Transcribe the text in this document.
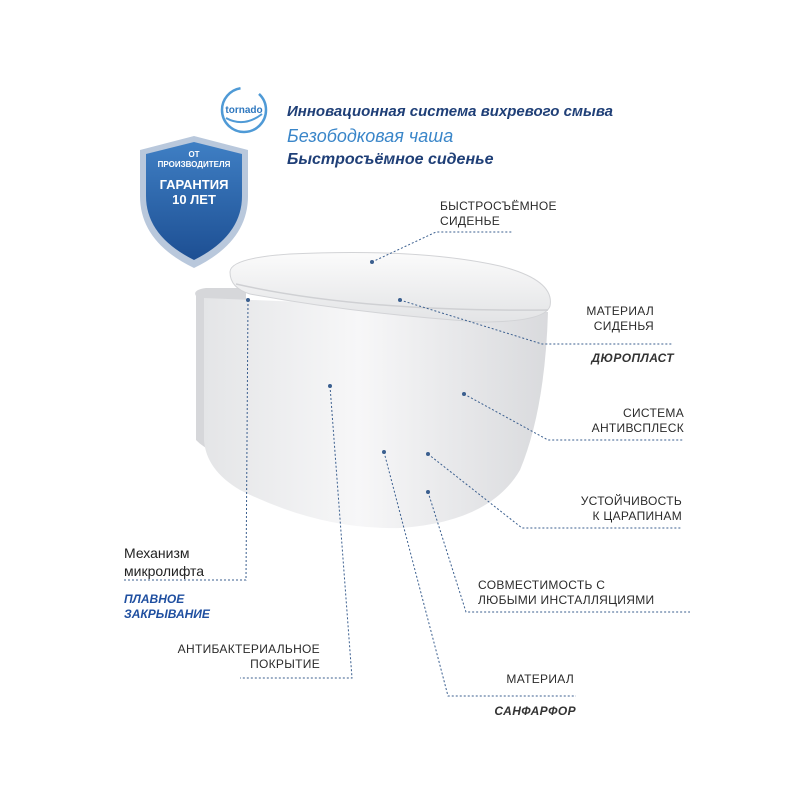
tornado Инновационная система вихревого смыва
Безободковая чаша
Быстросъёмное сиденье
ОТ
ПРОИЗВОДИТЕЛЯ
ГАРАНТИЯ
10 ЛЕТ	БЫСТРОСЪЁМНОЕ
СИДЕНЬЕ
МАТЕРИАЛ
СИДЕНЬЯ
ДЮРОПЛАСТ
СИСТЕМА
АНТИВСПЛЕСК
УСТОЙЧИВОСТЬ
К ЦАРАПИНАМ
СОВМЕСТИМОСТЬ С
ЛЮБЫМИ ИНСТАЛЛЯЦИЯМИ
МАТЕРИАЛ
САНФАРФОР
АНТИБАКТЕРИАЛЬНОЕ
ПОКРЫТИЕ
Механизм
микролифта
ПЛАВНОЕ
ЗАКРЫВАНИЕ
